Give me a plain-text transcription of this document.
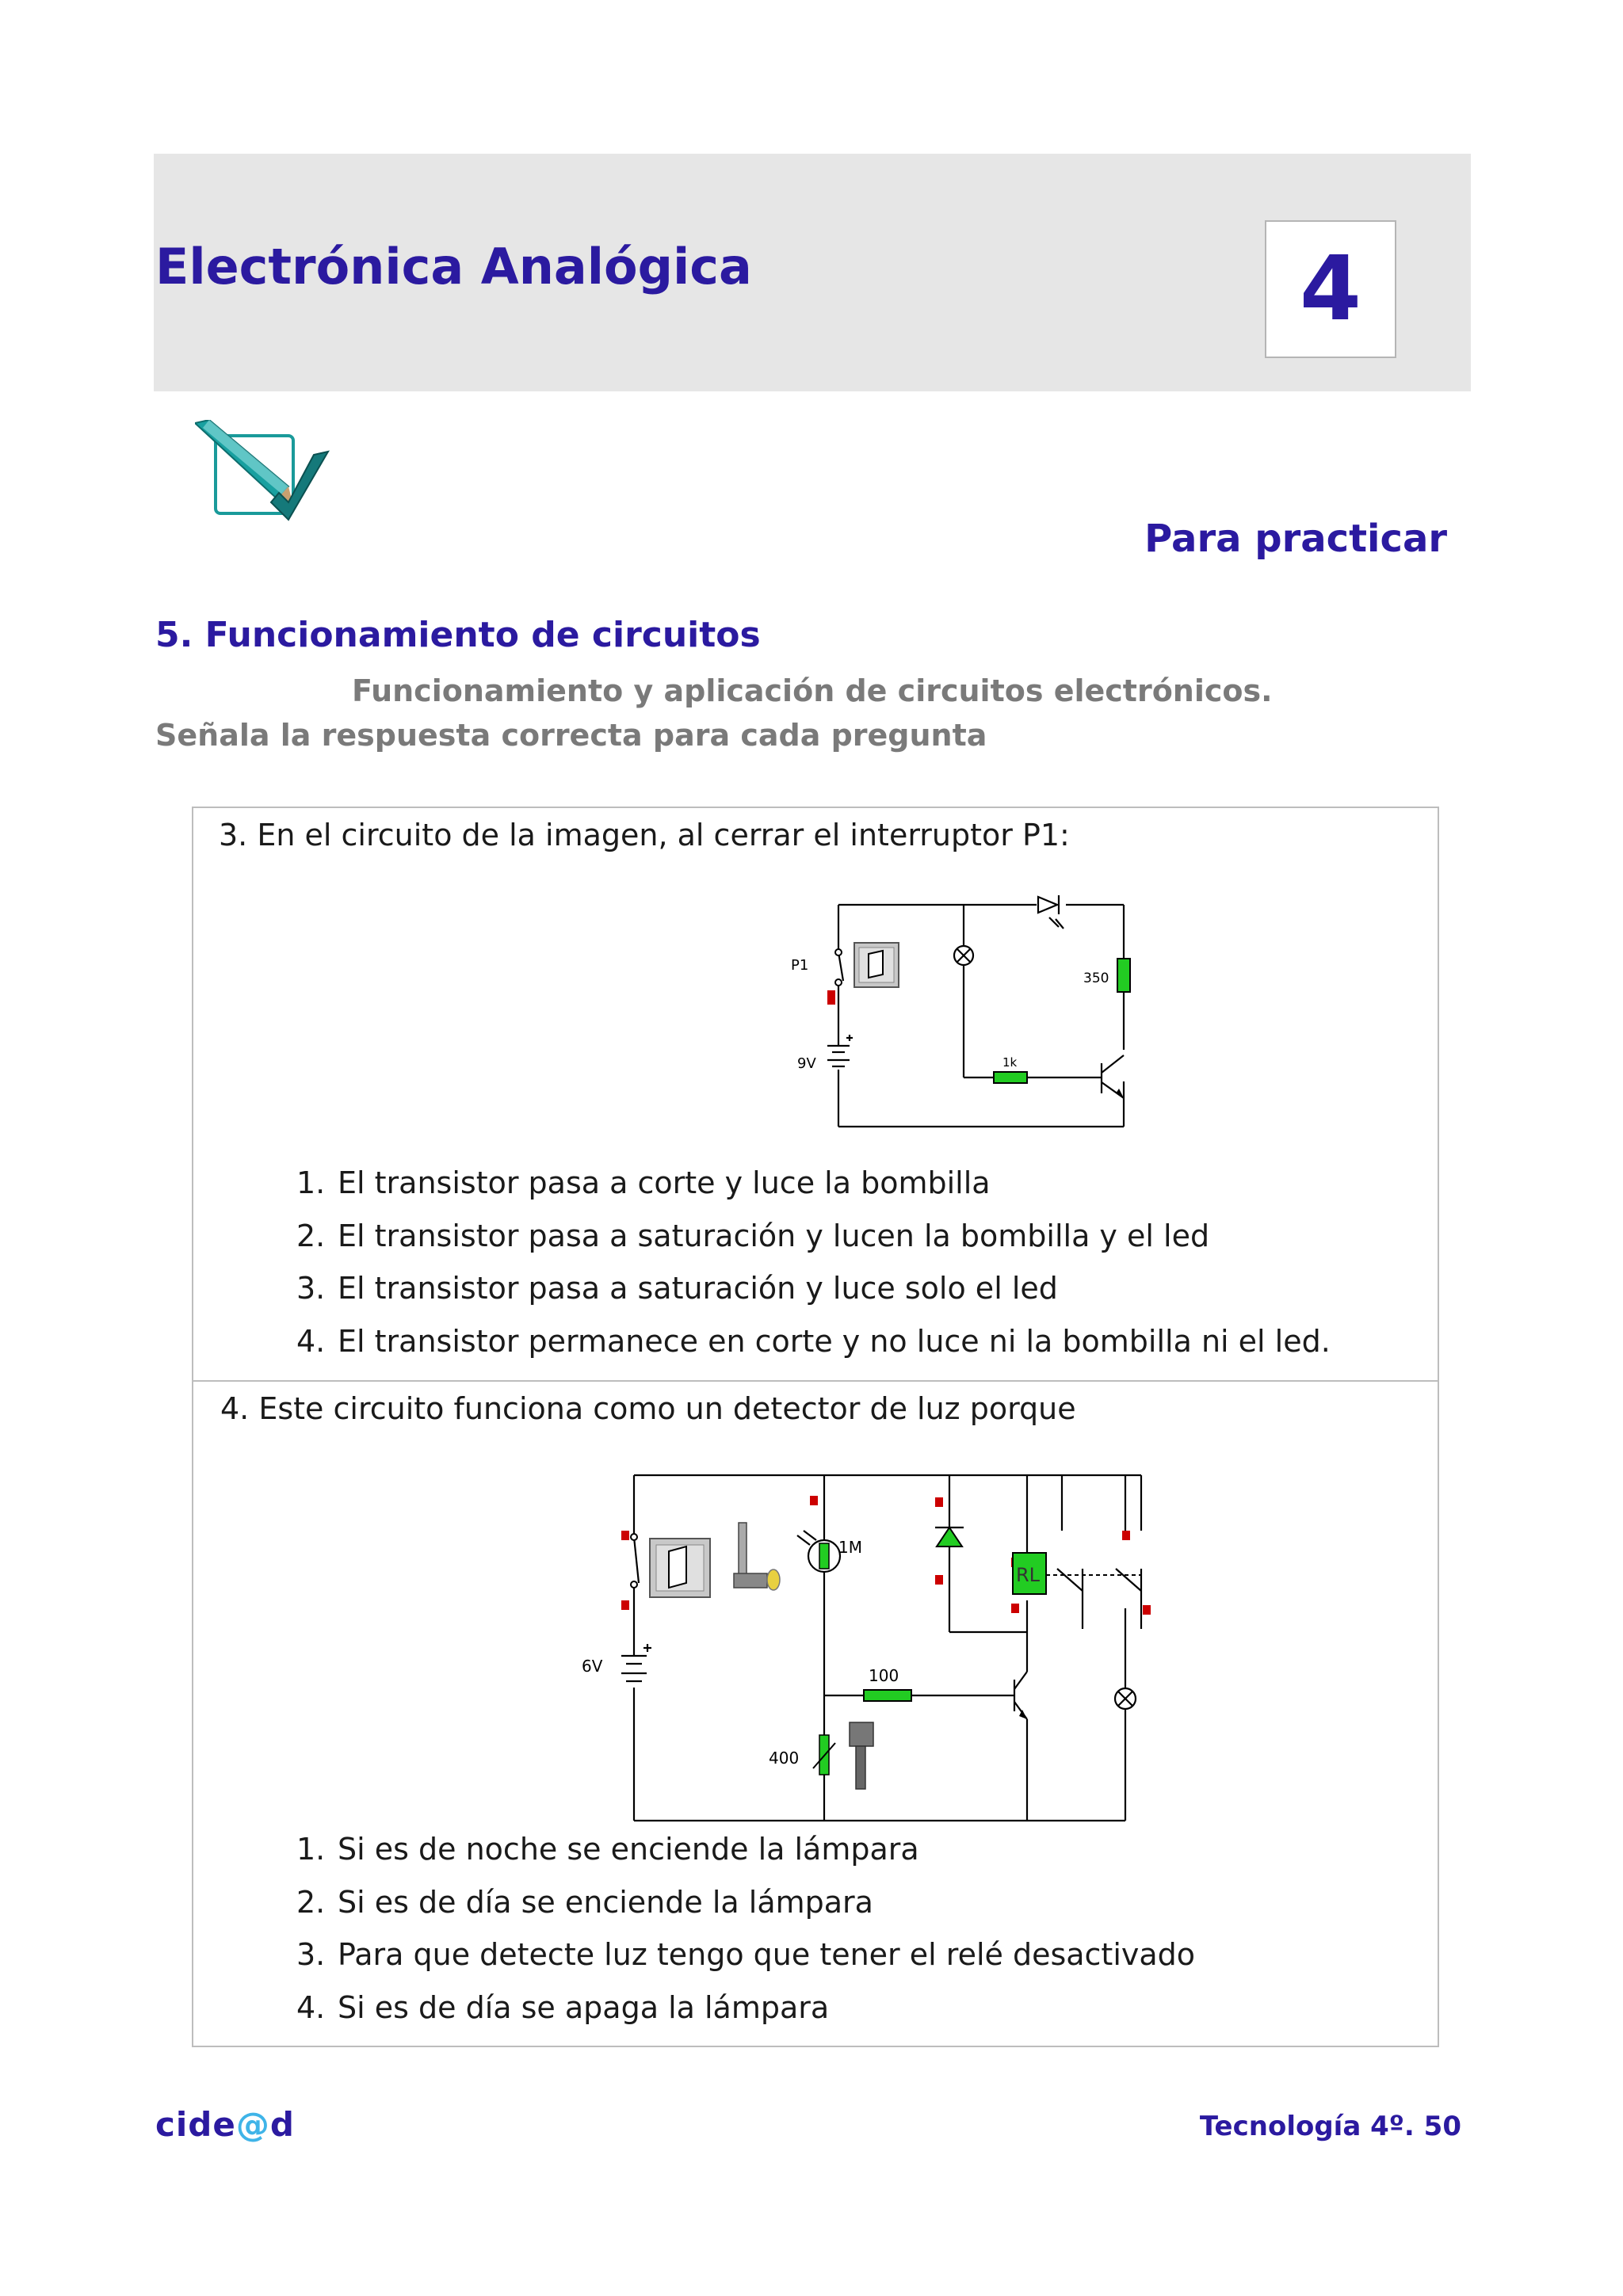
Electrónica Analógica	4
Para practicar
5. Funcionamiento de circuitos
Funcionamiento y aplicación de circuitos electrónicos.
Señala la respuesta correcta para cada pregunta
3. En el circuito de la imagen, al cerrar el interruptor P1:
P1
9V
350
1k
1. El transistor pasa a corte y luce la bombilla
2. El transistor pasa a saturación y lucen la bombilla y el led
3. El transistor pasa a saturación y luce solo el led
4. El transistor permanece en corte y no luce ni la bombilla ni el led.
4. Este circuito funciona como un detector de luz porque
RL
1M
6V	100
400
1. Si es de noche se enciende la lámpara
2. Si es de día se enciende la lámpara
3. Para que detecte luz tengo que tener el relé desactivado
4. Si es de día se apaga la lámpara
cide@d	Tecnología 4º. 50
